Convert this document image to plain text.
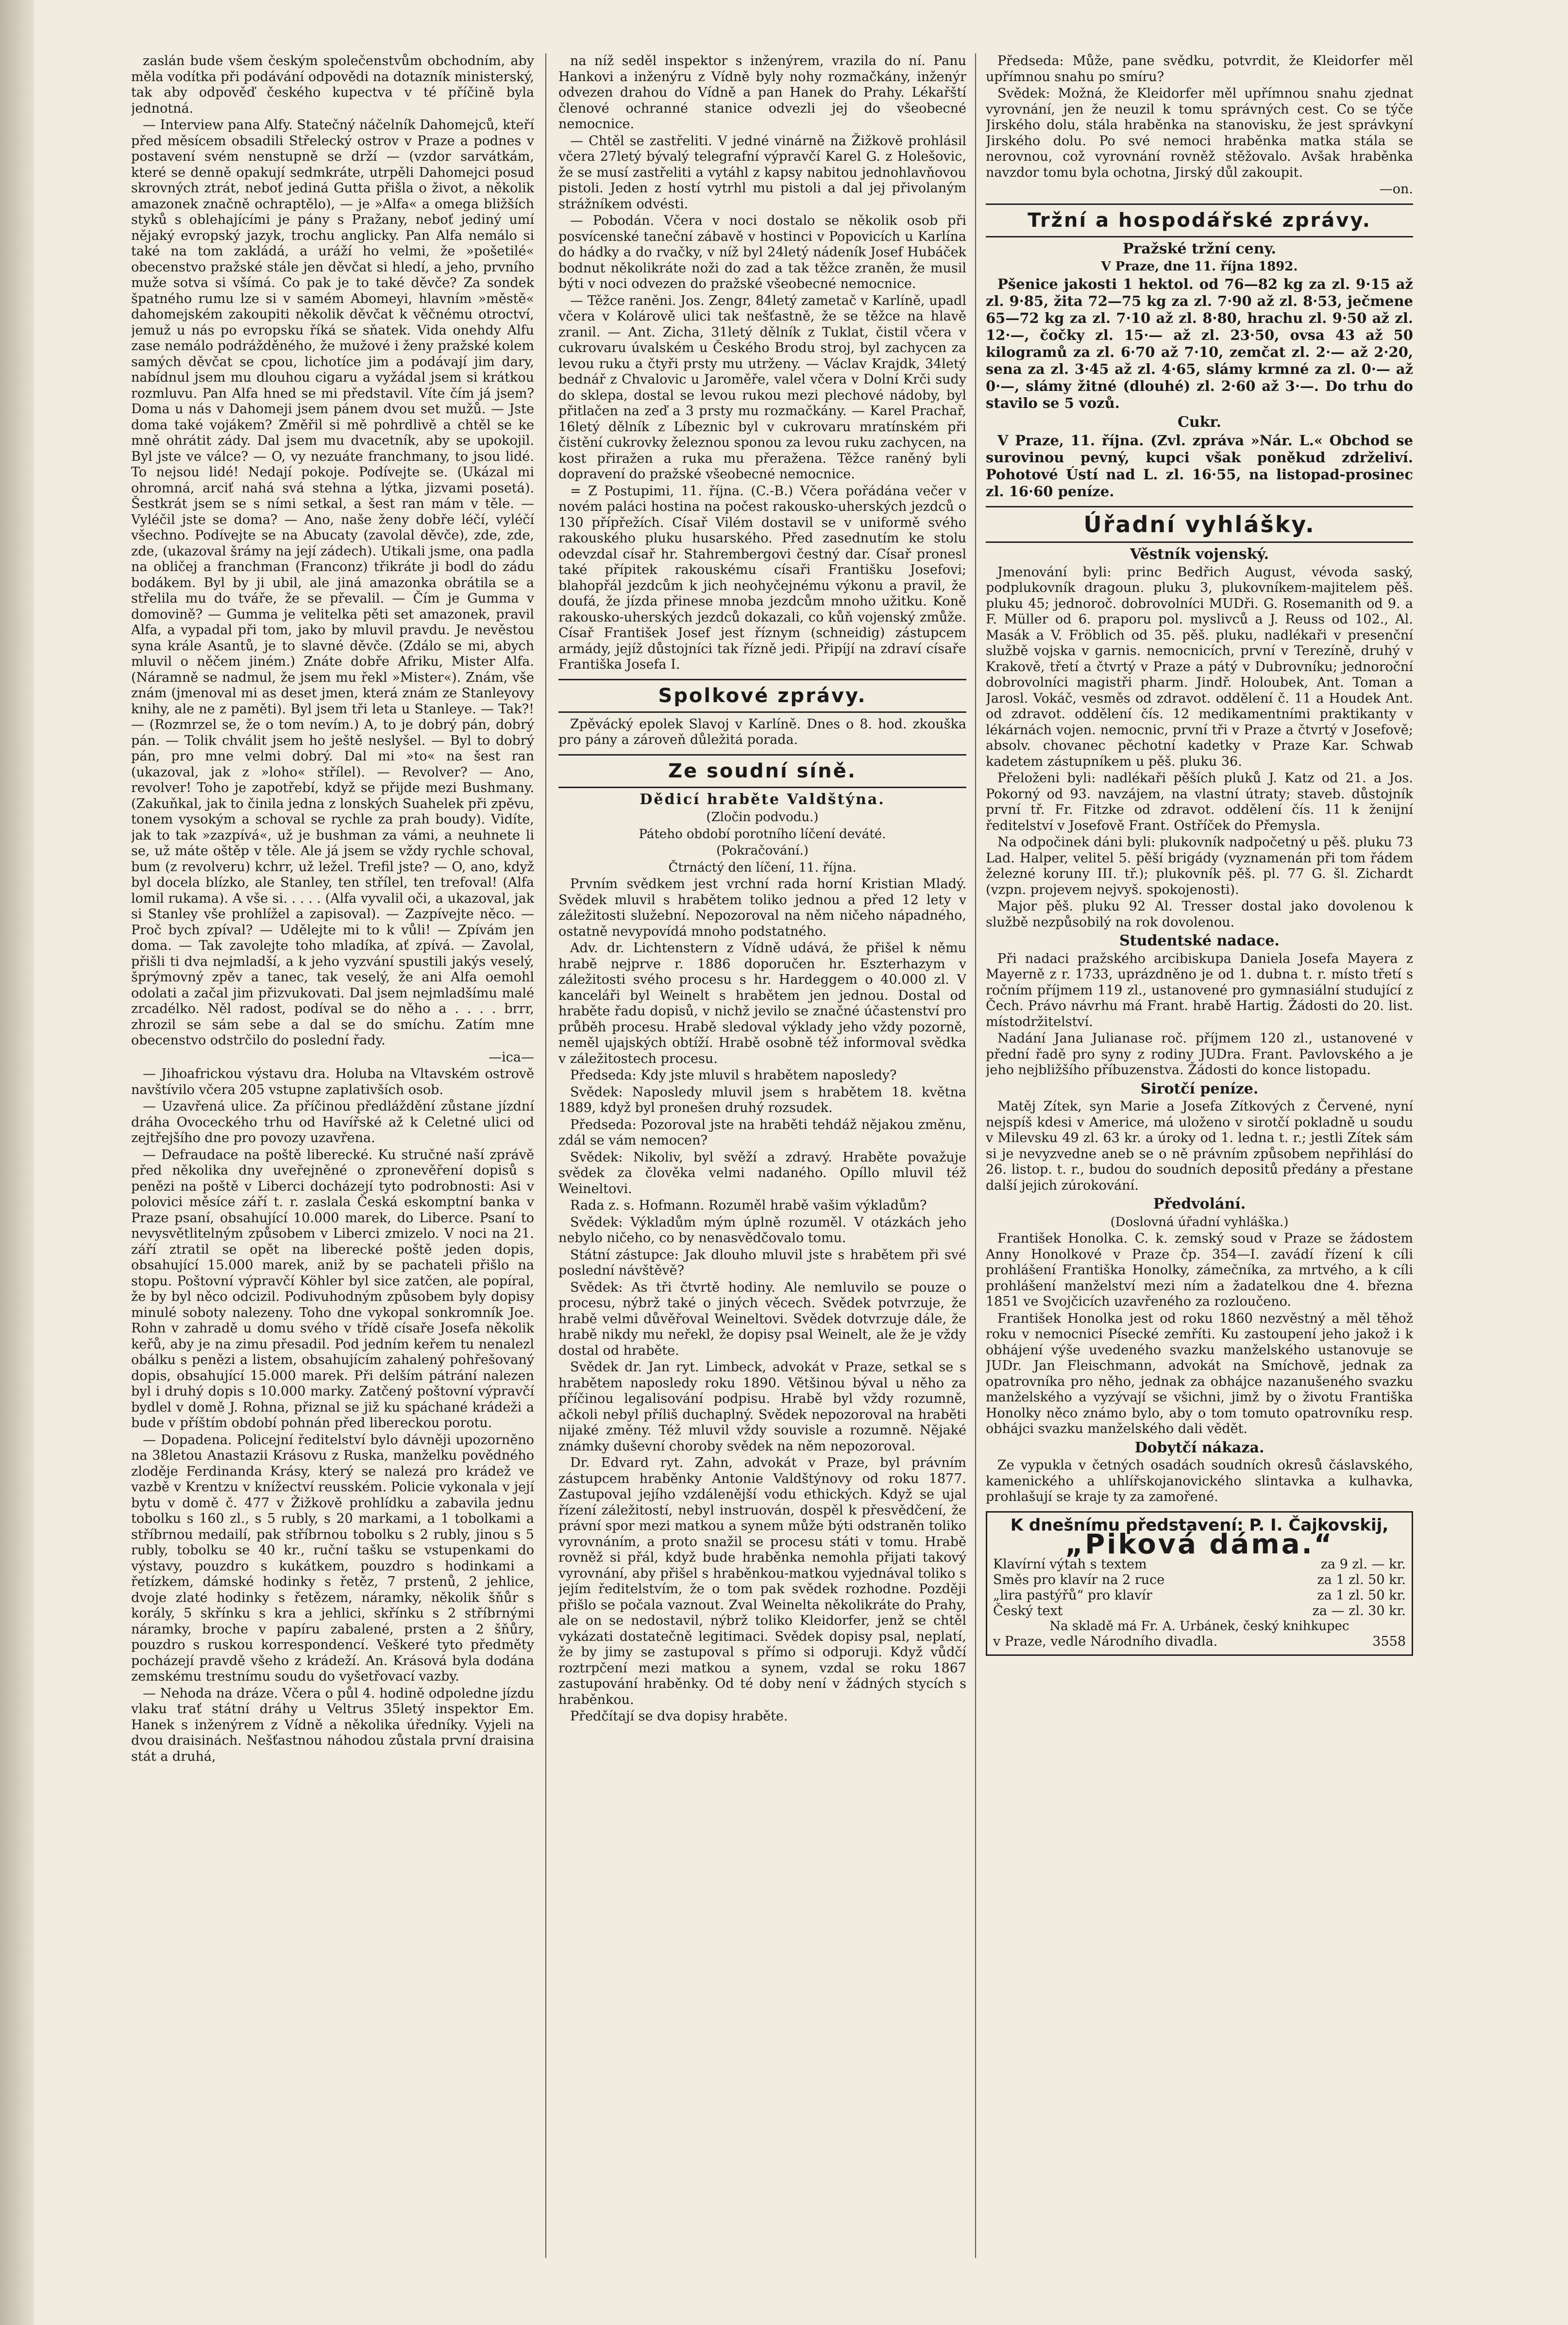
zaslán bude všem českým společenstvům obchodním, aby měla vodítka při podávání odpovědi na dotazník ministerský, tak aby odpověď českého kupectva v té příčině byla jednotná.

— Interview pana Alfy. Statečný náčelník Dahomejců, kteří před měsícem obsadili Střelecký ostrov v Praze a podnes v postavení svém nenstupně se drží — (vzdor sarvátkám, které se denně opakují sedmkráte, utrpěli Dahomejci posud skrovných ztrát, neboť jediná Gutta přišla o život, a několik amazonek značně ochraptělo), — je »Alfa« a omega bližších styků s oblehajícími je pány s Pražany, neboť jediný umí nějaký evropský jazyk, trochu anglicky. Pan Alfa nemálo si také na tom zakládá, a uráží ho velmi, že »pošetilé« obecenstvo pražské stále jen děvčat si hledí, a jeho, prvního muže sotva si všímá. Co pak je to také děvče? Za sondek špatného rumu lze si v samém Abomeyi, hlavním »městě« dahomejském zakoupiti několik děvčat k věčnému otroctví, jemuž u nás po evropsku říká se sňatek. Vida onehdy Alfu zase nemálo podrážděného, že mužové i ženy pražské kolem samých děvčat se cpou, lichotíce jim a podávají jim dary, nabídnul jsem mu dlouhou cigaru a vyžádal jsem si krátkou rozmluvu. Pan Alfa hned se mi představil. Víte čím já jsem? Doma u nás v Dahomeji jsem pánem dvou set mužů. — Jste doma také vojákem? Změřil si mě pohrdlivě a chtěl se ke mně ohrátit zády. Dal jsem mu dvacetník, aby se upokojil. Byl jste ve válce? — O, vy nezuáte franchmany, to jsou lidé. To nejsou lidé! Nedají pokoje. Podívejte se. (Ukázal mi ohromná, arciť nahá svá stehna a lýtka, jizvami posetá). Šestkrát jsem se s ními setkal, a šest ran mám v těle. — Vyléčil jste se doma? — Ano, naše ženy dobře léčí, vyléčí všechno. Podívejte se na Abucaty (zavolal děvče), zde, zde, zde, (ukazoval šrámy na její zádech). Utikali jsme, ona padla na obličej a franchman (Franconz) třikráte ji bodl do zádu bodákem. Byl by ji ubil, ale jiná amazonka obrátila se a střelila mu do tváře, že se převalil. — Čím je Gumma v domovině? — Gumma je velitelka pěti set amazonek, pravil Alfa, a vypadal při tom, jako by mluvil pravdu. Je nevěstou syna krále Asantů, je to slavné děvče. (Zdálo se mi, abych mluvil o něčem jiném.) Znáte dobře Afriku, Mister Alfa. (Náramně se nadmul, že jsem mu řekl »Mister«). Znám, vše znám (jmenoval mi as deset jmen, která znám ze Stanleyovy knihy, ale ne z paměti). Byl jsem tři leta u Stanleye. — Tak?! — (Rozmrzel se, že o tom nevím.) A, to je dobrý pán, dobrý pán. — Tolik chválit jsem ho ještě neslyšel. — Byl to dobrý pán, pro mne velmi dobrý. Dal mi »to« na šest ran (ukazoval, jak z »loho« střílel). — Revolver? — Ano, revolver! Toho je zapotřebí, když se přijde mezi Bushmany. (Zakuňkal, jak to činila jedna z lonských Suahelek při zpěvu, tonem vysokým a schoval se rychle za prah boudy). Vidíte, jak to tak »zazpívá«, už je bushman za vámi, a neuhnete li se, už máte oštěp v těle. Ale já jsem se vždy rychle schoval, bum (z revolveru) kchrr, už ležel. Trefil jste? — O, ano, když byl docela blízko, ale Stanley, ten střílel, ten trefoval! (Alfa lomil rukama). A vše si. . . . . (Alfa vyvalil oči, a ukazoval, jak si Stanley vše prohlížel a zapisoval). — Zazpívejte něco. — Proč bych zpíval? — Udělejte mi to k vůli! — Zpívám jen doma. — Tak zavolejte toho mladíka, ať zpívá. — Zavolal, přišli ti dva nejmladší, a k jeho vyzvání spustili jakýs veselý, šprýmovný zpěv a tanec, tak veselý, že ani Alfa oemohl odolati a začal jim přizvukovati. Dal jsem nejmladšímu malé zrcadélko. Něl radost, podíval se do něho a . . . . brrr, zhrozil se sám sebe a dal se do smíchu. Zatím mne obecenstvo odstrčilo do poslední řady.

—ica—

— Jihoafrickou výstavu dra. Holuba na Vltavském ostrově navštívilo včera 205 vstupne zaplativších osob.

— Uzavřená ulice. Za příčinou předláždění zůstane jízdní dráha Ovoceckého trhu od Havířské až k Celetné ulici od zejtřejšího dne pro povozy uzavřena.

— Defraudace na poště liberecké. Ku stručné naší zprávě před několika dny uveřejněné o zpronevěření dopisů s penězi na poště v Liberci docházejí tyto podrobnosti: Asi v polovici měsíce září t. r. zaslala Česká eskomptní banka v Praze psaní, obsahující 10.000 marek, do Liberce. Psaní to nevysvětlitelným způsobem v Liberci zmizelo. V noci na 21. září ztratil se opět na liberecké poště jeden dopis, obsahující 15.000 marek, aniž by se pachateli přišlo na stopu. Poštovní výpravčí Köhler byl sice zatčen, ale popíral, že by byl něco odcizil. Podivuhodným způsobem byly dopisy minulé soboty nalezeny. Toho dne vykopal sonkromník Joe. Rohn v zahradě u domu svého v třídě císaře Josefa několik keřů, aby je na zimu přesadil. Pod jedním keřem tu nenalezl obálku s penězi a listem, obsahujícím zahalený pohřešovaný dopis, obsahující 15.000 marek. Při delším pátrání nalezen byl i druhý dopis s 10.000 marky. Zatčený poštovní výpravčí bydlel v domě J. Rohna, přiznal se již ku spáchané krádeži a bude v příštím období pohnán před libereckou porotu.

— Dopadena. Policejní ředitelství bylo dávněji upozorněno na 38letou Anastazii Krásovu z Ruska, manželku povědného zloděje Ferdinanda Krásy, který se nalezá pro krádež ve vazbě v Krentzu v knížectví reusském. Policie vykonala v její bytu v domě č. 477 v Žižkově prohlídku a zabavila jednu tobolku s 160 zl., s 5 rubly, s 20 markami, a 1 tobolkami a stříbrnou medailí, pak stříbrnou tobolku s 2 rubly, jinou s 5 rubly, tobolku se 40 kr., ruční tašku se vstupenkami do výstavy, pouzdro s kukátkem, pouzdro s hodinkami a řetízkem, dámské hodinky s řetěz, 7 prstenů, 2 jehlice, dvoje zlaté hodinky s řetězem, náramky, několik šňůr s korály, 5 skřínku s kra a jehlici, skřínku s 2 stříbrnými náramky, broche v papíru zabalené, prsten a 2 šňůry, pouzdro s ruskou korrespondencí. Veškeré tyto předměty pocházejí pravdě všeho z krádeží. An. Krásová byla dodána zemskému trestnímu soudu do vyšetřovací vazby.

— Nehoda na dráze. Včera o půl 4. hodině odpoledne jízdu vlaku trať státní dráhy u Veltrus 35letý inspektor Em. Hanek s inženýrem z Vídně a několika úředníky. Vyjeli na dvou draisinách. Nešťastnou náhodou zůstala první draisina stát a druhá,

na níž seděl inspektor s inženýrem, vrazila do ní. Panu Hankovi a inženýru z Vídně byly nohy rozmačkány, inženýr odvezen drahou do Vídně a pan Hanek do Prahy. Lékařští členové ochranné stanice odvezli jej do všeobecné nemocnice.

— Chtěl se zastřeliti. V jedné vinárně na Žižkově prohlásil včera 27letý bývalý telegrafní výpravčí Karel G. z Holešovic, že se musí zastřeliti a vytáhl z kapsy nabitou jednohlavňovou pistoli. Jeden z hostí vytrhl mu pistoli a dal jej přivolaným strážníkem odvésti.

— Pobodán. Včera v noci dostalo se několik osob při posvícenské taneční zábavě v hostinci v Popovicích u Karlína do hádky a do rvačky, v níž byl 24letý nádeník Josef Hubáček bodnut několikráte noži do zad a tak těžce zraněn, že musil býti v noci odvezen do pražské všeobecné nemocnice.

— Těžce raněni. Jos. Zengr, 84letý zametač v Karlíně, upadl včera v Kolárově ulici tak nešťastně, že se těžce na hlavě zranil. — Ant. Zicha, 31letý dělník z Tuklat, čistil včera v cukrovaru úvalském u Českého Brodu stroj, byl zachycen za levou ruku a čtyři prsty mu utrženy. — Václav Krajdk, 34letý bednář z Chvalovic u Jaroměře, valel včera v Dolní Krči sudy do sklepa, dostal se levou rukou mezi plechové nádoby, byl přitlačen na zeď a 3 prsty mu rozmačkány. — Karel Prachař, 16letý dělník z Líbeznic byl v cukrovaru mratínském při čistění cukrovky železnou sponou za levou ruku zachycen, na kost přiražen a ruka mu přeražena. Těžce raněný byli dopravení do pražské všeobecné nemocnice.

= Z Postupimi, 11. října. (C.-B.) Včera pořádána večer v novém paláci hostina na počest rakousko-uherských jezdců o 130 přípřežích. Císař Vilém dostavil se v uniformě svého rakouského pluku husarského. Před zasednutím ke stolu odevzdal císař hr. Stahrembergovi čestný dar. Císař pronesl také přípitek rakouskému císaři Františku Josefovi; blahopřál jezdcům k jich neohyčejnému výkonu a pravil, že doufá, že jízda přinese mnoba jezdcům mnoho užitku. Koně rakousko-uherských jezdců dokazali, co kůň vojenský zmůže. Císař František Josef jest říznym (schneidig) zástupcem armády, jejíž důstojníci tak řízně jedi. Připíjí na zdraví císaře Františka Josefa I.

Spolkové zprávy.

Zpěvácký epolek Slavoj v Karlíně. Dnes o 8. hod. zkouška pro pány a zároveň důležitá porada.

Ze soudní síně.
Dědicí hraběte Valdštýna.
(Zločin podvodu.)
Páteho období porotního líčení deváté.
(Pokračování.)
Čtrnáctý den líčení, 11. října.

Prvním svědkem jest vrchní rada horní Kristian Mladý. Svědek mluvil s hrabětem toliko jednou a před 12 lety v záležitosti služební. Nepozoroval na něm ničeho nápadného, ostatně nevypovídá mnoho podstatného.

Adv. dr. Lichtenstern z Vídně udává, že přišel k němu hrabě nejprve r. 1886 doporučen hr. Eszterhazym v záležitosti svého procesu s hr. Hardeggem o 40.000 zl. V kanceláři byl Weinelt s hrabětem jen jednou. Dostal od hraběte řadu dopisů, v nichž jevilo se značné účastenství pro průběh procesu. Hrabě sledoval výklady jeho vždy pozorně, neměl ujajských obtíží. Hrabě osobně též informoval svědka v záležitostech procesu.

Předseda: Kdy jste mluvil s hrabětem naposledy?

Svědek: Naposledy mluvil jsem s hrabětem 18. května 1889, když byl pronešen druhý rozsudek.

Předseda: Pozoroval jste na hraběti tehdáž nějakou změnu, zdál se vám nemocen?

Svědek: Nikoliv, byl svěží a zdravý. Hraběte považuje svědek za člověka velmi nadaného. Opíllo mluvil též Weineltovi.

Rada z. s. Hofmann. Rozuměl hrabě vašim výkladům?

Svědek: Výkladům mým úplně rozuměl. V otázkách jeho nebylo ničeho, co by nenasvědčovalo tomu.

Státní zástupce: Jak dlouho mluvil jste s hrabětem při své poslední návštěvě?

Svědek: As tři čtvrtě hodiny. Ale nemluvilo se pouze o procesu, nýbrž také o jiných věcech. Svědek potvrzuje, že hrabě velmi důvěřoval Weineltovi. Svědek dotvrzuje dále, že hrabě nikdy mu neřekl, že dopisy psal Weinelt, ale že je vždy dostal od hraběte.

Svědek dr. Jan ryt. Limbeck, advokát v Praze, setkal se s hrabětem naposledy roku 1890. Většinou býval u něho za příčinou legalisování podpisu. Hrabě byl vždy rozumně, ačkoli nebyl příliš duchaplný. Svědek nepozoroval na hraběti nijaké změny. Též mluvil vždy souvisle a rozumně. Nějaké známky duševní choroby svědek na něm nepozoroval.

Dr. Edvard ryt. Zahn, advokát v Praze, byl právním zástupcem hraběnky Antonie Valdštýnovy od roku 1877. Zastupoval jejího vzdálenější vodu ethických. Když se ujal řízení záležitostí, nebyl instruován, dospěl k přesvědčení, že právní spor mezi matkou a synem může býti odstraněn toliko vyrovnáním, a proto snažil se procesu státi v tomu. Hrabě rovněž si přál, když bude hraběnka nemohla přijati takový vyrovnání, aby přišel s hraběnkou-matkou vyjednával toliko s jejím ředitelstvím, že o tom pak svědek rozhodne. Později přišlo se počala vaznout. Zval Weinelta několikráte do Prahy, ale on se nedostavil, nýbrž toliko Kleidorfer, jenž se chtěl vykázati dostatečně legitimaci. Svědek dopisy psal, neplatí, že by jimy se zastupoval s přímo si odporuji. Když vůdčí roztrpčení mezi matkou a synem, vzdal se roku 1867 zastupování hraběnky. Od té doby není v žádných stycích s hraběnkou.

Předčítají se dva dopisy hraběte.

Předseda: Může, pane svědku, potvrdit, že Kleidorfer měl upřímnou snahu po smíru?

Svědek: Možná, že Kleidorfer měl upřímnou snahu zjednat vyrovnání, jen že neuzil k tomu správných cest. Co se týče Jirského dolu, stála hraběnka na stanovisku, že jest správkyní Jirského dolu. Po své nemoci hraběnka matka stála se nerovnou, což vyrovnání rovněž stěžovalo. Avšak hraběnka navzdor tomu byla ochotna, Jirský důl zakoupit.

—on.

Tržní a hospodářské zprávy.
Pražské tržní ceny.
V Praze, dne 11. října 1892.

Pšenice jakosti 1 hektol. od 76—82 kg za zl. 9·15 až zl. 9·85, žita 72—75 kg za zl. 7·90 až zl. 8·53, ječmene 65—72 kg za zl. 7·10 až zl. 8·80, hrachu zl. 9·50 až zl. 12·—, čočky zl. 15·— až zl. 23·50, ovsa 43 až 50 kilogramů za zl. 6·70 až 7·10, zemčat zl. 2·— až 2·20, sena za zl. 3·45 až zl. 4·65, slámy krmné za zl. 0·— až 0·—, slámy žitné (dlouhé) zl. 2·60 až 3·—. Do trhu do stavilo se 5 vozů.

Cukr.

V Praze, 11. října. (Zvl. zpráva »Nár. L.« Obchod se surovinou pevný, kupci však poněkud zdrželiví. Pohotové Ústí nad L. zl. 16·55, na listopad-prosinec zl. 16·60 peníze.

Úřadní vyhlášky.
Věstník vojenský.

Jmenování byli: princ Bedřich August, vévoda saský, podplukovník dragoun. pluku 3, plukovníkem-majitelem pěš. pluku 45; jednoroč. dobrovolníci MUDři. G. Rosemanith od 9. a F. Müller od 6. praporu pol. myslivců a J. Reuss od 102., Al. Masák a V. Fröblich od 35. pěš. pluku, nadlékaři v presenční službě vojska v garnis. nemocnicích, první v Terezíně, druhý v Krakově, třetí a čtvrtý v Praze a pátý v Dubrovníku; jednoroční dobrovolníci magistři pharm. Jindř. Holoubek, Ant. Toman a Jarosl. Vokáč, vesměs od zdravot. oddělení č. 11 a Houdek Ant. od zdravot. oddělení čís. 12 medikamentními praktikanty v lékárnách vojen. nemocnic, první tři v Praze a čtvrtý v Josefově; absolv. chovanec pěchotní kadetky v Praze Kar. Schwab kadetem zástupníkem u pěš. pluku 36.

Přeloženi byli: nadlékaři pěších pluků J. Katz od 21. a Jos. Pokorný od 93. navzájem, na vlastní útraty; staveb. důstojník první tř. Fr. Fitzke od zdravot. oddělení čís. 11 k ženijní ředitelství v Josefově Frant. Ostříček do Přemysla.

Na odpočinek dáni byli: plukovník nadpočetný u pěš. pluku 73 Lad. Halper, velitel 5. pěší brigády (vyznamenán při tom řádem železné koruny III. tř.); plukovník pěš. pl. 77 G. šl. Zichardt (vzpn. projevem nejvyš. spokojenosti).

Major pěš. pluku 92 Al. Tresser dostal jako dovolenou k službě nezpůsobilý na rok dovolenou.

Studentské nadace.

Při nadaci pražského arcibiskupa Daniela Josefa Mayera z Mayerně z r. 1733, uprázdněno je od 1. dubna t. r. místo třetí s ročním příjmem 119 zl., ustanovené pro gymnasiální studující z Čech. Právo návrhu má Frant. hrabě Hartig. Žádosti do 20. list. místodržitelství.

Nadání Jana Julianase roč. příjmem 120 zl., ustanovené v přední řadě pro syny z rodiny JUDra. Frant. Pavlovského a je jeho nejbližšího příbuzenstva. Žádosti do konce listopadu.

Sirotčí peníze.

Matěj Zítek, syn Marie a Josefa Zítkových z Červené, nyní nejspíš kdesi v Americe, má uloženo v sirotčí pokladně u soudu v Milevsku 49 zl. 63 kr. a úroky od 1. ledna t. r.; jestli Zítek sám si je nevyzvedne aneb se o ně právním způsobem nepřihlásí do 26. listop. t. r., budou do soudních depositů předány a přestane další jejich zúrokování.

Předvolání.
(Doslovná úřadní vyhláška.)

František Honolka. C. k. zemský soud v Praze se žádostem Anny Honolkové v Praze čp. 354—I. zavádí řízení k cíli prohlášení Františka Honolky, zámečníka, za mrtvého, a k cíli prohlášení manželství mezi ním a žadatelkou dne 4. března 1851 ve Svojčicích uzavřeného za rozloučeno.

František Honolka jest od roku 1860 nezvěstný a měl těhož roku v nemocnici Písecké zemříti. Ku zastoupení jeho jakož i k obhájení výše uvedeného svazku manželského ustanovuje se JUDr. Jan Fleischmann, advokát na Smíchově, jednak za opatrovníka pro něho, jednak za obhájce nazanušeného svazku manželského a vyzývají se všichni, jimž by o životu Františka Honolky něco známo bylo, aby o tom tomuto opatrovníku resp. obhájci svazku manželského dali vědět.

Dobytčí nákaza.

Ze vypukla v četných osadách soudních okresů čáslavského, kamenického a uhlířskojanovického slintavka a kulhavka, prohlašují se kraje ty za zamořené.

K dnešnímu představení: P. I. Čajkovskij,
„Piková dáma.“
Klavírní výtah s textem	za 9 zl. — kr.
Směs pro klavír na 2 ruce	za 1 zl. 50 kr.
„lira pastýřů“ pro klavír	za 1 zl. 50 kr.
Český text	za — zl. 30 kr.
Na skladě má Fr. A. Urbánek, český knihkupec
v Praze, vedle Národního divadla.	3558
